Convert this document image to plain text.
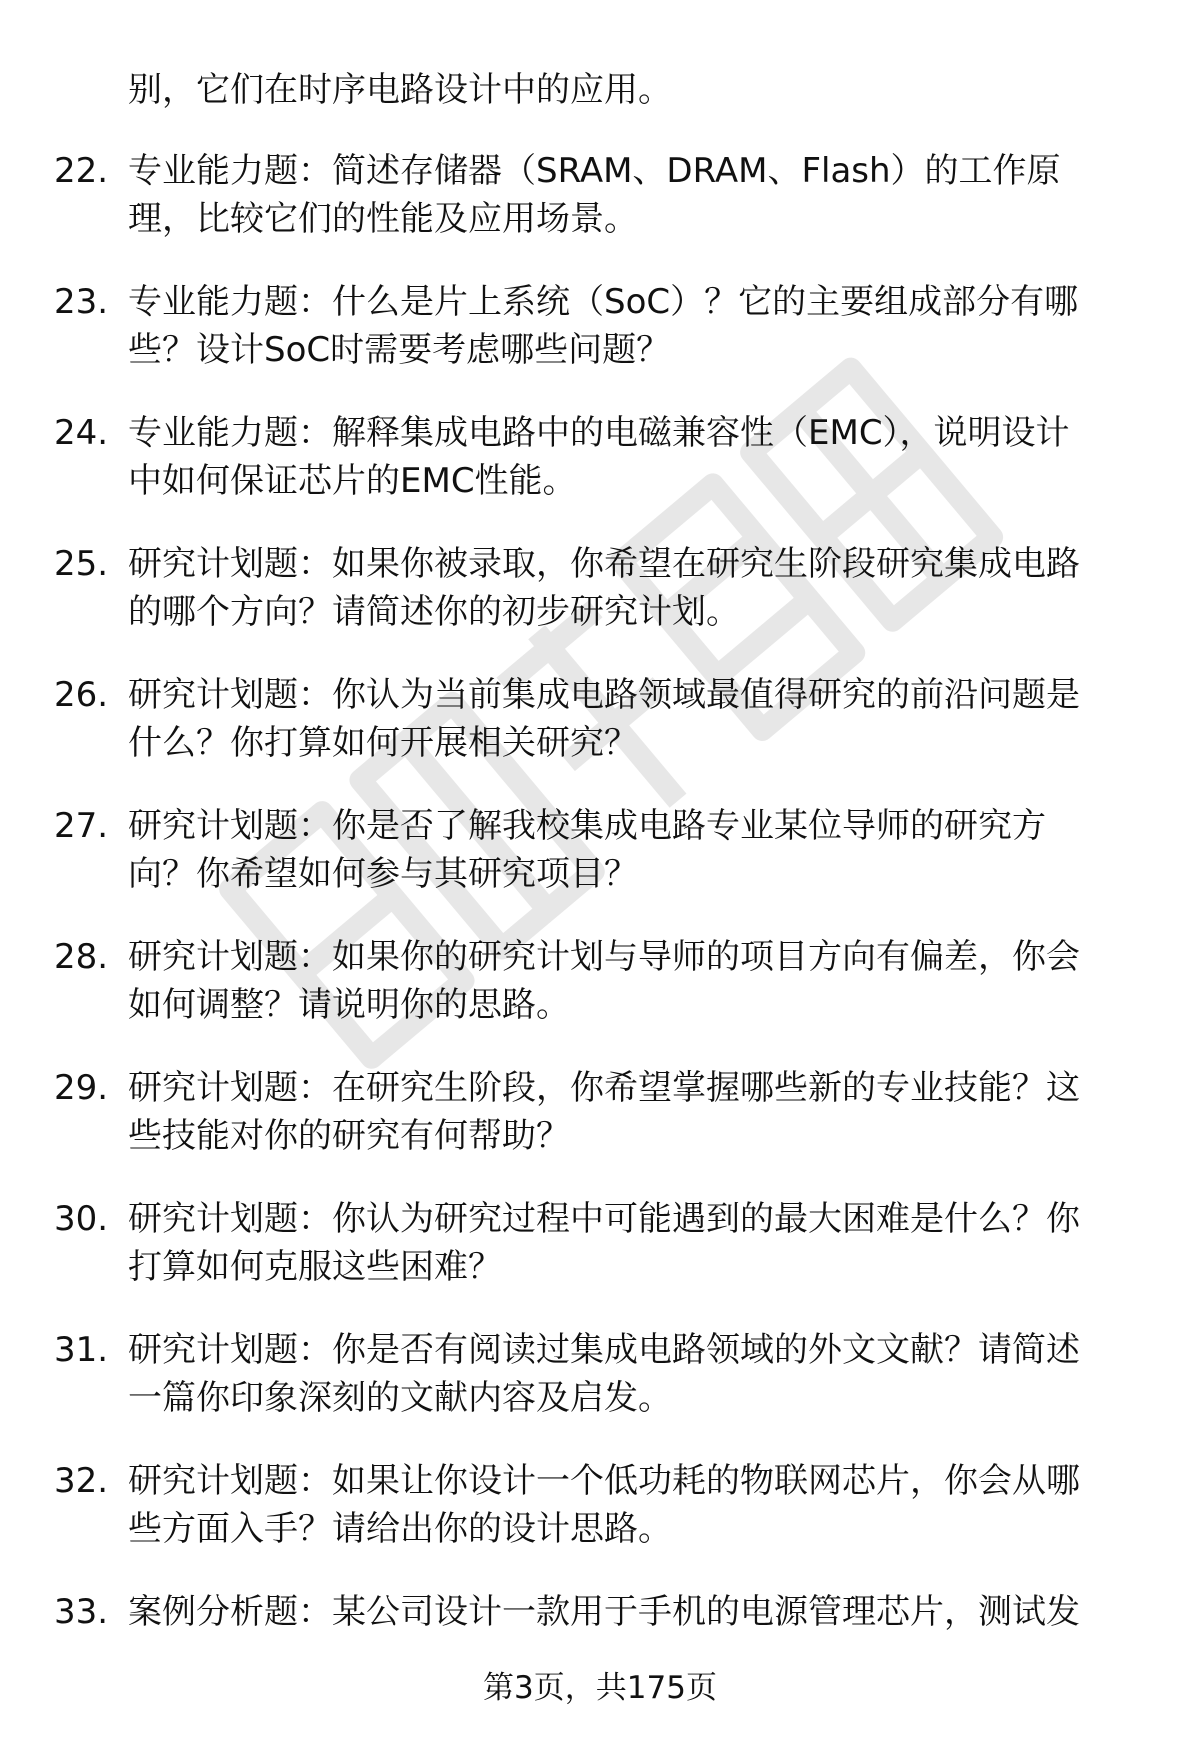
别，它们在时序电路设计中的应用。
22. 专业能力题：简述存储器（SRAM、DRAM、Flash）的工作原
理，比较它们的性能及应用场景。
23. 专业能力题：什么是片上系统（SoC）？它的主要组成部分有哪
些？设计SoC时需要考虑哪些问题？
24. 专业能力题：解释集成电路中的电磁兼容性（EMC），说明设计
中如何保证芯片的EMC性能。
25. 研究计划题：如果你被录取，你希望在研究生阶段研究集成电路
的哪个方向？请简述你的初步研究计划。
26. 研究计划题：你认为当前集成电路领域最值得研究的前沿问题是
什么？你打算如何开展相关研究？
27. 研究计划题：你是否了解我校集成电路专业某位导师的研究方
向？你希望如何参与其研究项目？
28. 研究计划题：如果你的研究计划与导师的项目方向有偏差，你会
如何调整？请说明你的思路。
29. 研究计划题：在研究生阶段，你希望掌握哪些新的专业技能？这
些技能对你的研究有何帮助？
30. 研究计划题：你认为研究过程中可能遇到的最大困难是什么？你
打算如何克服这些困难？
31. 研究计划题：你是否有阅读过集成电路领域的外文文献？请简述
一篇你印象深刻的文献内容及启发。
32. 研究计划题：如果让你设计一个低功耗的物联网芯片，你会从哪
些方面入手？请给出你的设计思路。
33. 案例分析题：某公司设计一款用于手机的电源管理芯片，测试发
第3页，共175页
